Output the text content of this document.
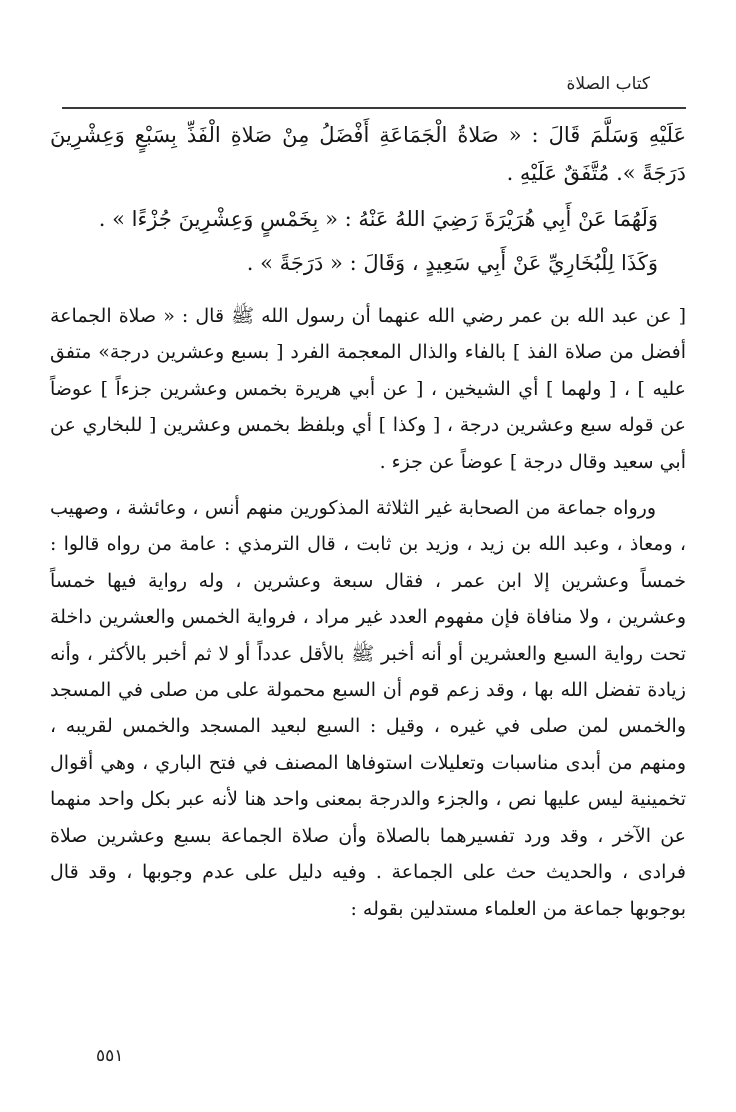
كتاب الصلاة

عَلَيْهِ وَسَلَّمَ قَالَ : « صَلاةُ الْجَمَاعَةِ أَفْضَلُ مِنْ صَلاةِ الْفَذِّ بِسَبْعٍ وَعِشْرِينَ دَرَجَةً ». مُتَّفَقٌ عَلَيْهِ .

وَلَهُمَا عَنْ أَبِي هُرَيْرَةَ رَضِيَ اللهُ عَنْهُ : « بِخَمْسٍ وَعِشْرِينَ جُزْءًا » .

وَكَذَا لِلْبُخَارِيِّ عَنْ أَبِي سَعِيدٍ ، وَقَالَ : « دَرَجَةً » .

[ عن عبد الله بن عمر رضي الله عنهما أن رسول الله ﷺ قال : « صلاة الجماعة أفضل من صلاة الفذ ] بالفاء والذال المعجمة الفرد [ بسبع وعشرين درجة» متفق عليه ] ، [ ولهما ] أي الشيخين ، [ عن أبي هريرة بخمس وعشرين جزءاً ] عوضاً عن قوله سبع وعشرين درجة ، [ وكذا ] أي وبلفظ بخمس وعشرين [ للبخاري عن أبي سعيد وقال درجة ] عوضاً عن جزء .

ورواه جماعة من الصحابة غير الثلاثة المذكورين منهم أنس ، وعائشة ، وصهيب ، ومعاذ ، وعبد الله بن زيد ، وزيد بن ثابت ، قال الترمذي : عامة من رواه قالوا : خمساً وعشرين إلا ابن عمر ، فقال سبعة وعشرين ، وله رواية فيها خمساً وعشرين ، ولا منافاة فإن مفهوم العدد غير مراد ، فرواية الخمس والعشرين داخلة تحت رواية السبع والعشرين أو أنه أخبر ﷺ بالأقل عدداً أو لا ثم أخبر بالأكثر ، وأنه زيادة تفضل الله بها ، وقد زعم قوم أن السبع محمولة على من صلى في المسجد والخمس لمن صلى في غيره ، وقيل : السبع لبعيد المسجد والخمس لقريبه ، ومنهم من أبدى مناسبات وتعليلات استوفاها المصنف في فتح الباري ، وهي أقوال تخمينية ليس عليها نص ، والجزء والدرجة بمعنى واحد هنا لأنه عبر بكل واحد منهما عن الآخر ، وقد ورد تفسيرهما بالصلاة وأن صلاة الجماعة بسبع وعشرين صلاة فرادى ، والحديث حث على الجماعة . وفيه دليل على عدم وجوبها ، وقد قال بوجوبها جماعة من العلماء مستدلين بقوله :

٥٥١
